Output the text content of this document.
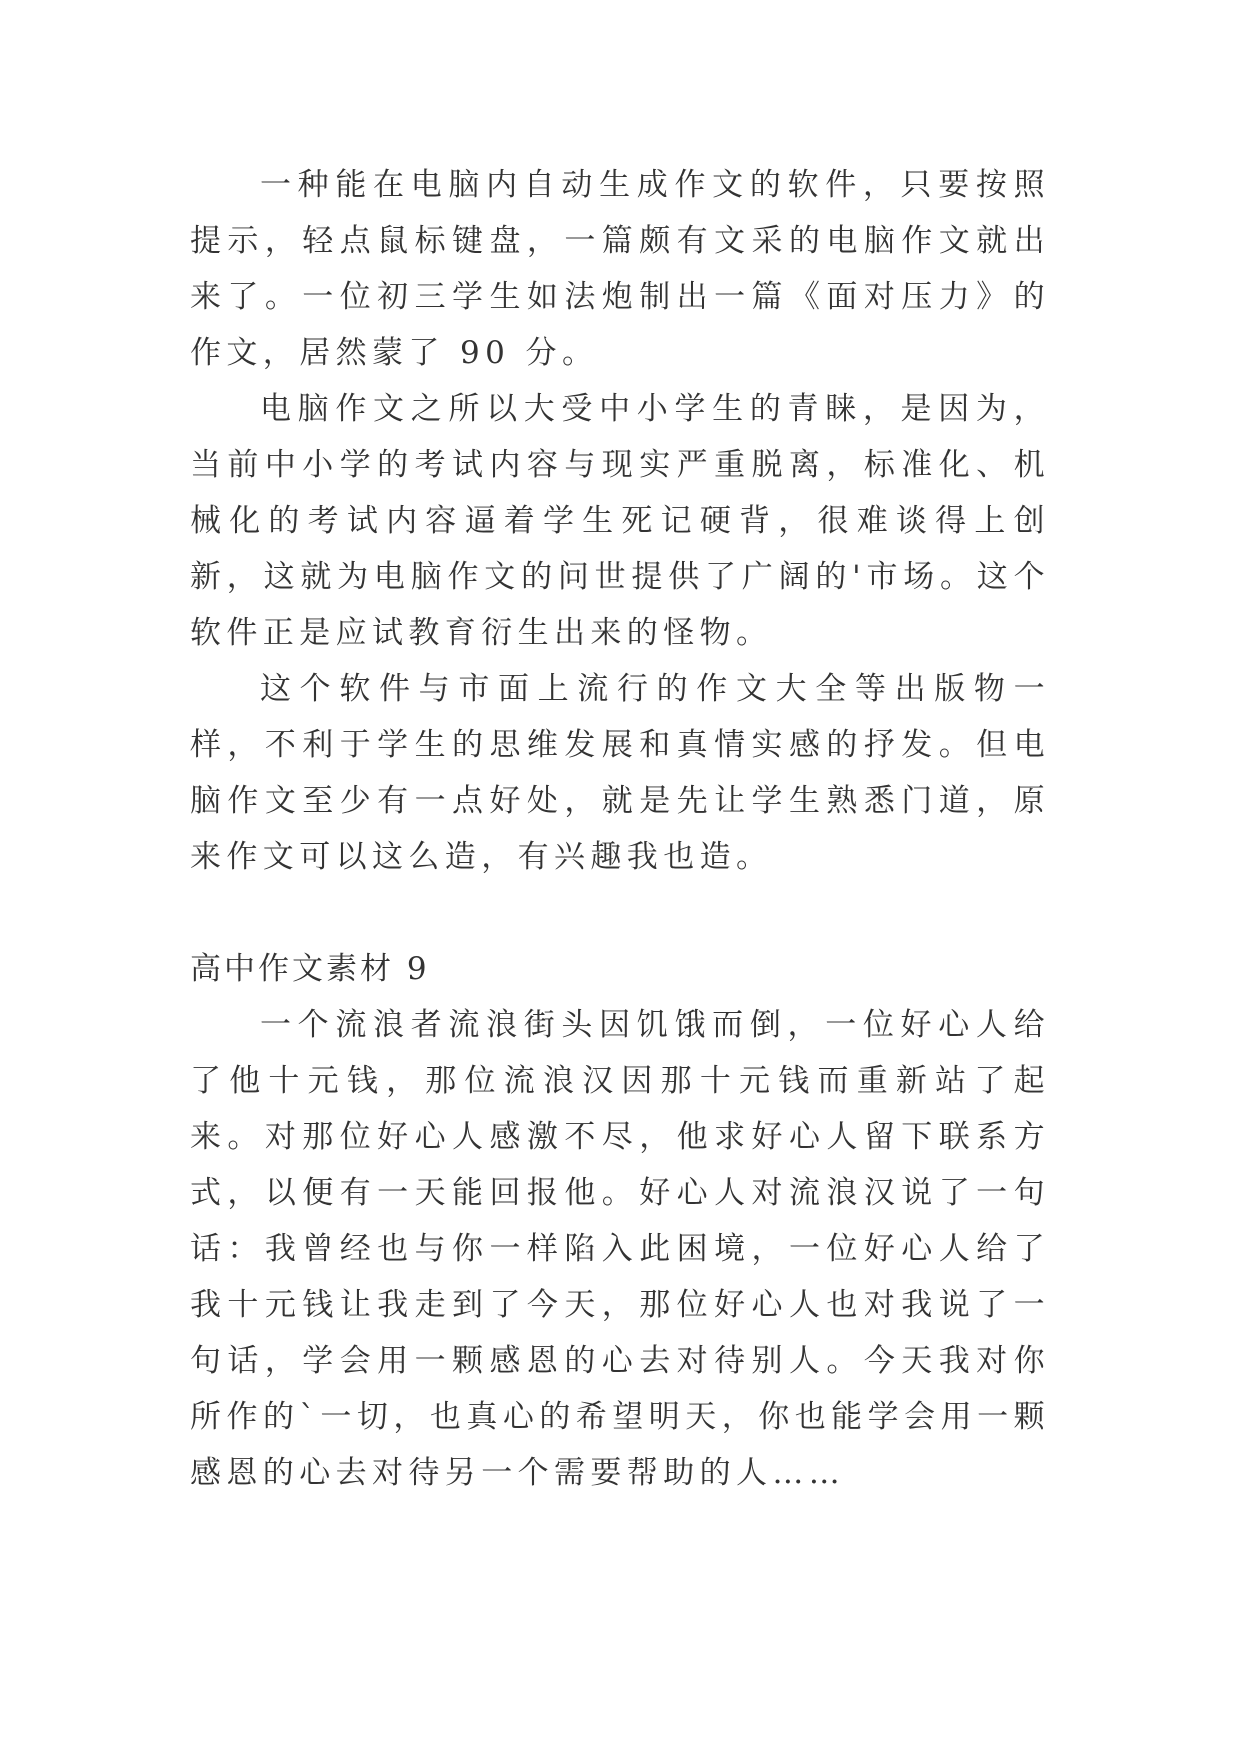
一种能在电脑内自动生成作文的软件，只要按照提示，轻点鼠标键盘，一篇颇有文采的电脑作文就出来了。一位初三学生如法炮制出一篇《面对压力》的作文，居然蒙了 90 分。

电脑作文之所以大受中小学生的青睐，是因为，当前中小学的考试内容与现实严重脱离，标准化、机械化的考试内容逼着学生死记硬背，很难谈得上创新，这就为电脑作文的问世提供了广阔的'市场。这个软件正是应试教育衍生出来的怪物。

这个软件与市面上流行的作文大全等出版物一样，不利于学生的思维发展和真情实感的抒发。但电脑作文至少有一点好处，就是先让学生熟悉门道，原来作文可以这么造，有兴趣我也造。

高中作文素材 9

一个流浪者流浪街头因饥饿而倒，一位好心人给了他十元钱，那位流浪汉因那十元钱而重新站了起来。对那位好心人感激不尽，他求好心人留下联系方式，以便有一天能回报他。好心人对流浪汉说了一句话：我曾经也与你一样陷入此困境，一位好心人给了我十元钱让我走到了今天，那位好心人也对我说了一句话，学会用一颗感恩的心去对待别人。今天我对你所作的`一切，也真心的希望明天，你也能学会用一颗感恩的心去对待另一个需要帮助的人……
